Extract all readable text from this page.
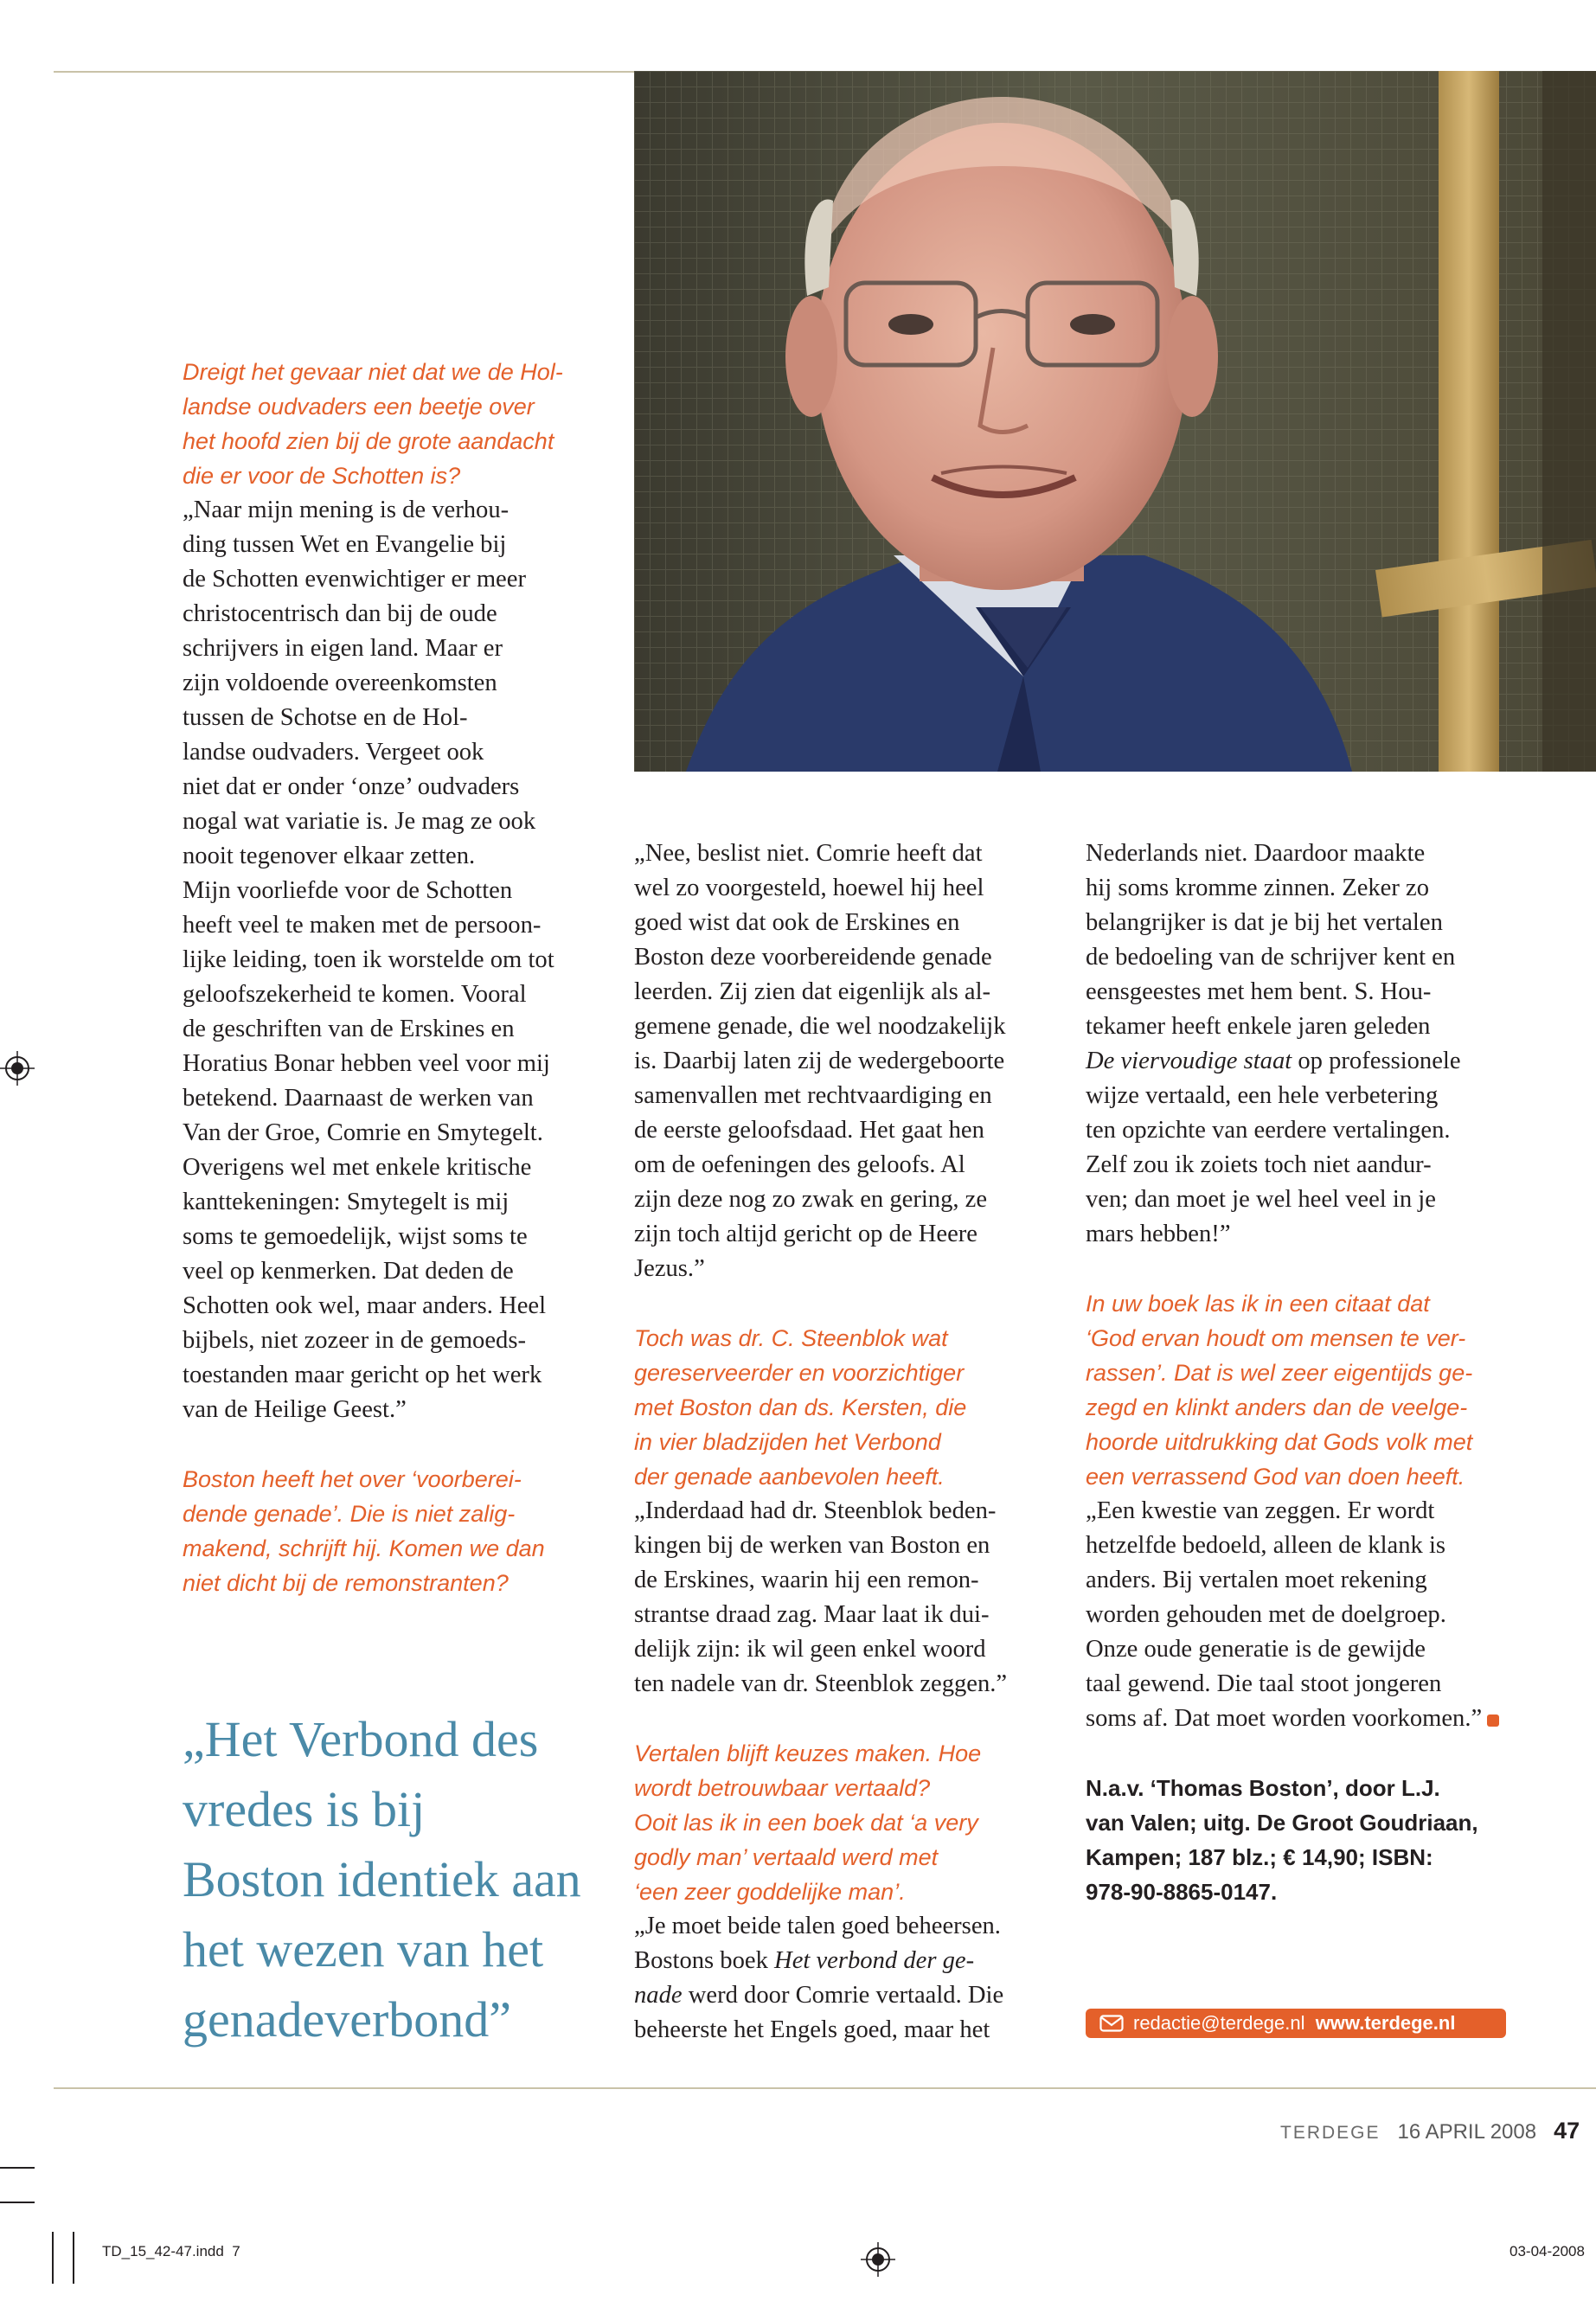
Dreigt het gevaar niet dat we de Hol-
landse oudvaders een beetje over
het hoofd zien bij de grote aandacht
die er voor de Schotten is?
„Naar mijn mening is de verhou-
ding tussen Wet en Evangelie bij
de Schotten evenwichtiger er meer
christocentrisch dan bij de oude
schrijvers in eigen land. Maar er
zijn voldoende overeenkomsten
tussen de Schotse en de Hol-
landse oudvaders. Vergeet ook
niet dat er onder ‘onze’ oudvaders
nogal wat variatie is. Je mag ze ook
nooit tegenover elkaar zetten.
Mijn voorliefde voor de Schotten
heeft veel te maken met de persoon-
lijke leiding, toen ik worstelde om tot
geloofszekerheid te komen. Vooral
de geschriften van de Erskines en
Horatius Bonar hebben veel voor mij
betekend. Daarnaast de werken van
Van der Groe, Comrie en Smytegelt.
Overigens wel met enkele kritische
kanttekeningen: Smytegelt is mij
soms te gemoedelijk, wijst soms te
veel op kenmerken. Dat deden de
Schotten ook wel, maar anders. Heel
bijbels, niet zozeer in de gemoeds-
toestanden maar gericht op het werk
van de Heilige Geest.”
Boston heeft het over ‘voorberei-
dende genade’. Die is niet zalig-
makend, schrijft hij. Komen we dan
niet dicht bij de remonstranten?
„Het Verbond des
vredes is bij
Boston identiek aan
het wezen van het
genadeverbond”
„Nee, beslist niet. Comrie heeft dat
wel zo voorgesteld, hoewel hij heel
goed wist dat ook de Erskines en
Boston deze voorbereidende genade
leerden. Zij zien dat eigenlijk als al-
gemene genade, die wel noodzakelijk
is. Daarbij laten zij de wedergeboorte
samenvallen met rechtvaardiging en
de eerste geloofsdaad. Het gaat hen
om de oefeningen des geloofs. Al
zijn deze nog zo zwak en gering, ze
zijn toch altijd gericht op de Heere
Jezus.”
Toch was dr. C. Steenblok wat
gereserveerder en voorzichtiger
met Boston dan ds. Kersten, die
in vier bladzijden het Verbond
der genade aanbevolen heeft.
„Inderdaad had dr. Steenblok beden-
kingen bij de werken van Boston en
de Erskines, waarin hij een remon-
strantse draad zag. Maar laat ik dui-
delijk zijn: ik wil geen enkel woord
ten nadele van dr. Steenblok zeggen.”
Vertalen blijft keuzes maken. Hoe
wordt betrouwbaar vertaald?
Ooit las ik in een boek dat ‘a very
godly man’ vertaald werd met
‘een zeer goddelijke man’.
„Je moet beide talen goed beheersen.
Bostons boek Het verbond der ge-
nade werd door Comrie vertaald. Die
beheerste het Engels goed, maar het
Nederlands niet. Daardoor maakte
hij soms kromme zinnen. Zeker zo
belangrijker is dat je bij het vertalen
de bedoeling van de schrijver kent en
eensgeestes met hem bent. S. Hou-
tekamer heeft enkele jaren geleden
De viervoudige staat op professionele
wijze vertaald, een hele verbetering
ten opzichte van eerdere vertalingen.
Zelf zou ik zoiets toch niet aandur-
ven; dan moet je wel heel veel in je
mars hebben!”
In uw boek las ik in een citaat dat
‘God ervan houdt om mensen te ver-
rassen’. Dat is wel zeer eigentijds ge-
zegd en klinkt anders dan de veelge-
hoorde uitdrukking dat Gods volk met
een verrassend God van doen heeft.
„Een kwestie van zeggen. Er wordt
hetzelfde bedoeld, alleen de klank is
anders. Bij vertalen moet rekening
worden gehouden met de doelgroep.
Onze oude generatie is de gewijde
taal gewend. Die taal stoot jongeren
soms af. Dat moet worden voorkomen.”
N.a.v. ‘Thomas Boston’, door L.J.
van Valen; uitg. De Groot Goudriaan,
Kampen; 187 blz.; € 14,90; ISBN:
978-90-8865-0147.
redactie@terdege.nl www.terdege.nl
TERDEGE 16 APRIL 2008 47
TD_15_42-47.indd 7	03-04-2008
